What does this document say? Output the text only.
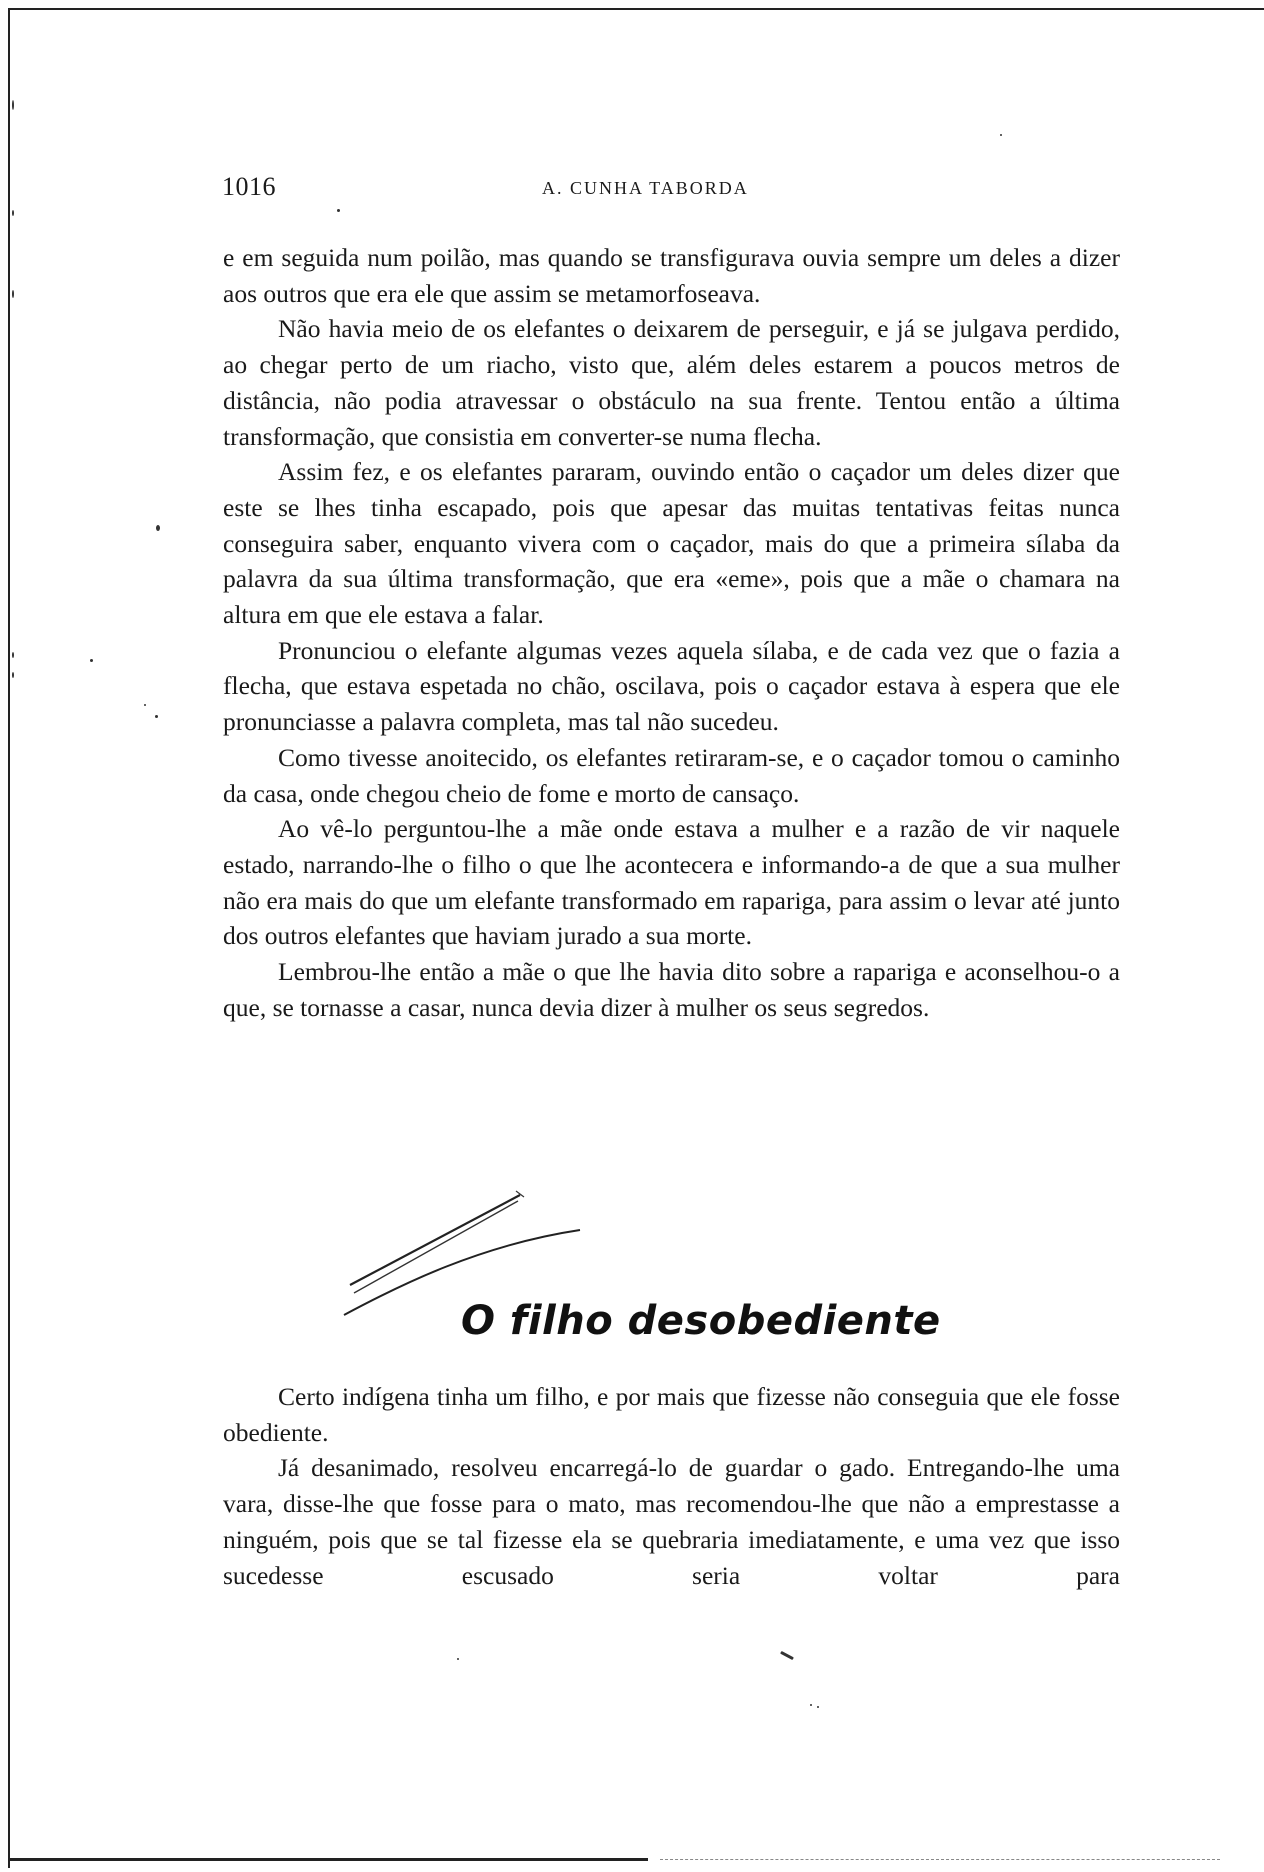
1016	A. CUNHA TABORDA

e em seguida num poilão, mas quando se transfigurava ouvia sempre um deles a dizer aos outros que era ele que assim se metamorfoseava.

Não havia meio de os elefantes o deixarem de perseguir, e já se julgava perdido, ao chegar perto de um riacho, visto que, além deles estarem a poucos metros de distância, não podia atravessar o obstáculo na sua frente. Tentou então a última transformação, que consistia em converter-se numa flecha.

Assim fez, e os elefantes pararam, ouvindo então o caçador um deles dizer que este se lhes tinha escapado, pois que apesar das muitas tentativas feitas nunca conseguira saber, enquanto vivera com o caçador, mais do que a primeira sílaba da palavra da sua última transformação, que era «eme», pois que a mãe o chamara na altura em que ele estava a falar.

Pronunciou o elefante algumas vezes aquela sílaba, e de cada vez que o fazia a flecha, que estava espetada no chão, oscilava, pois o caçador estava à espera que ele pronunciasse a palavra completa, mas tal não sucedeu.

Como tivesse anoitecido, os elefantes retiraram-se, e o caçador tomou o caminho da casa, onde chegou cheio de fome e morto de cansaço.

Ao vê-lo perguntou-lhe a mãe onde estava a mulher e a razão de vir naquele estado, narrando-lhe o filho o que lhe acontecera e informando-a de que a sua mulher não era mais do que um elefante transformado em rapariga, para assim o levar até junto dos outros elefantes que haviam jurado a sua morte.

Lembrou-lhe então a mãe o que lhe havia dito sobre a rapariga e aconselhou-o a que, se tornasse a casar, nunca devia dizer à mulher os seus segredos.

O filho desobediente

Certo indígena tinha um filho, e por mais que fizesse não conseguia que ele fosse obediente.

Já desanimado, resolveu encarregá-lo de guardar o gado. Entregando-lhe uma vara, disse-lhe que fosse para o mato, mas recomendou-lhe que não a emprestasse a ninguém, pois que se tal fizesse ela se quebraria imediatamente, e uma vez que isso sucedesse escusado seria voltar para
